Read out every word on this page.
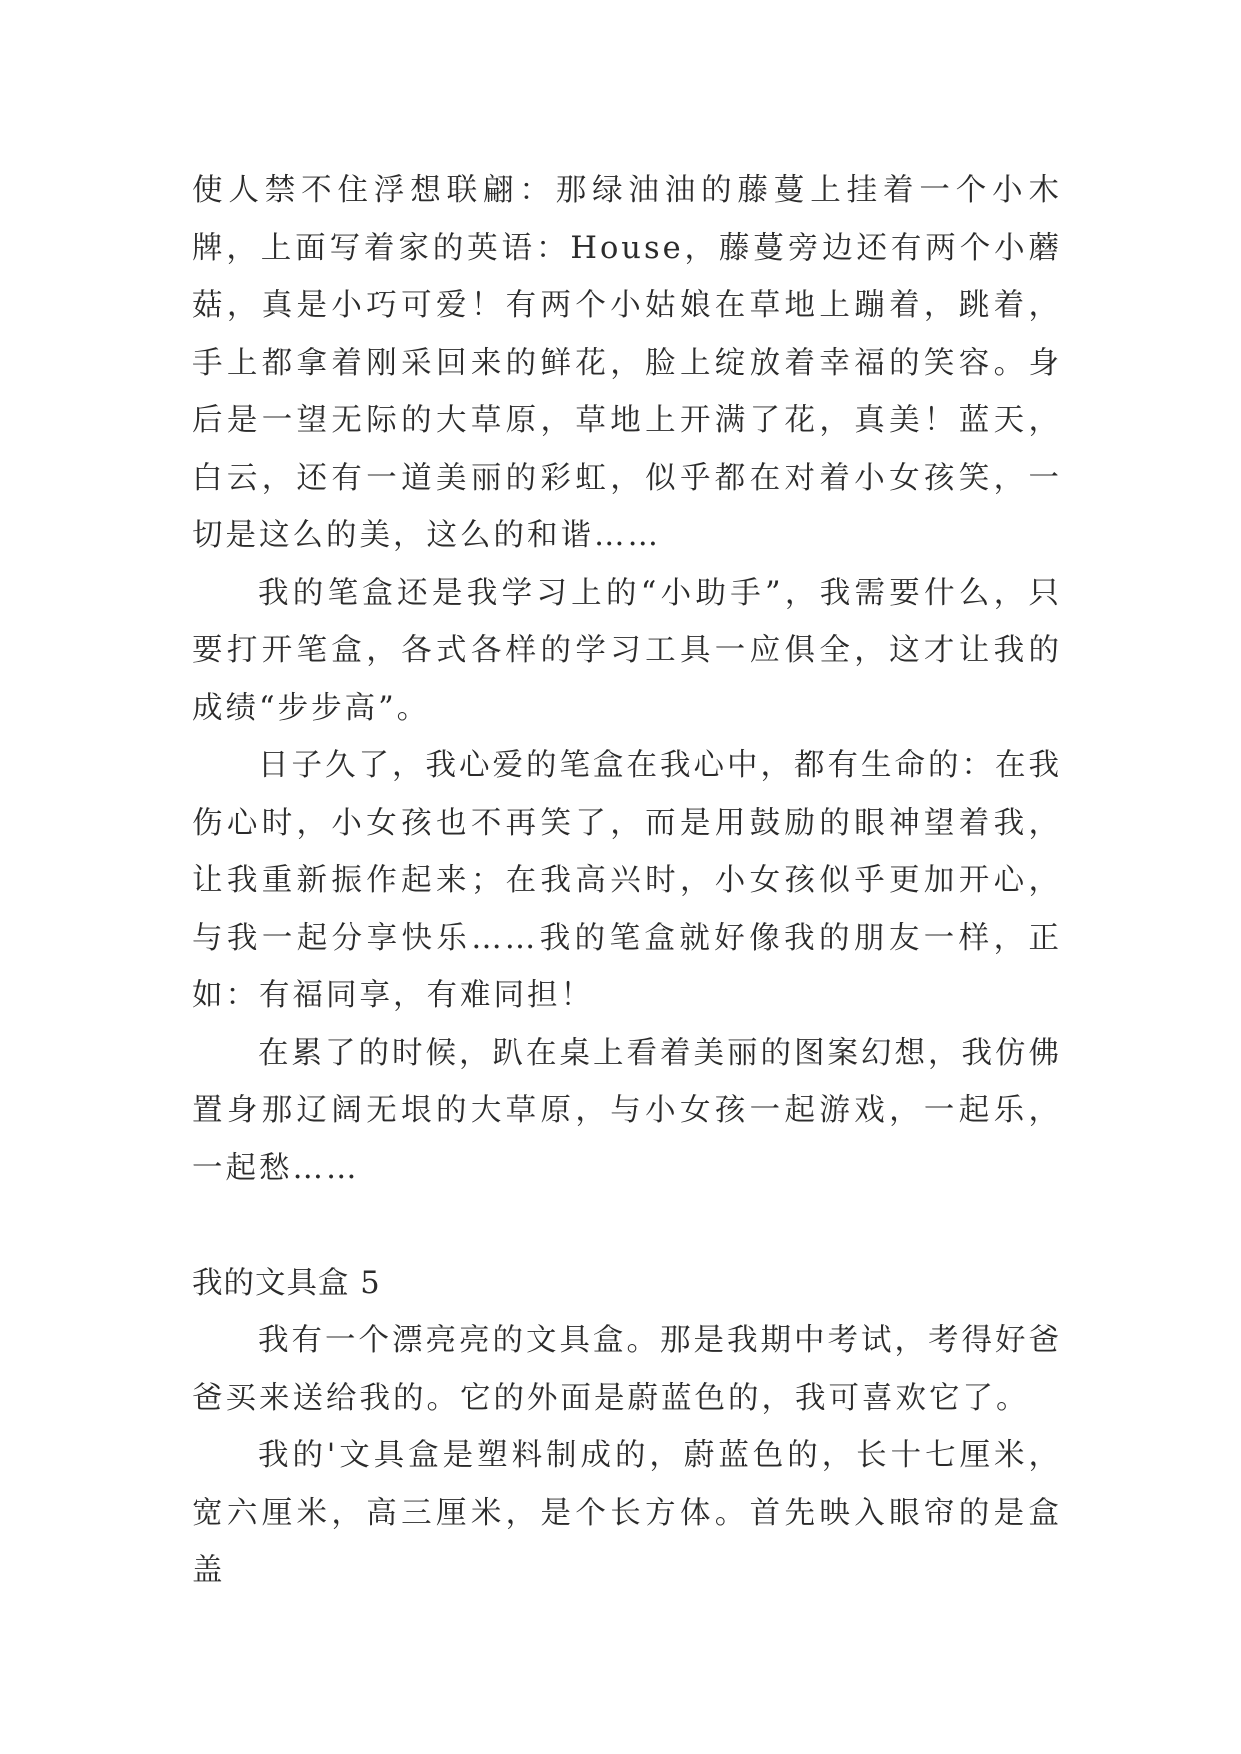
使人禁不住浮想联翩：那绿油油的藤蔓上挂着一个小木牌，上面写着家的英语：House，藤蔓旁边还有两个小蘑菇，真是小巧可爱！有两个小姑娘在草地上蹦着，跳着，手上都拿着刚采回来的鲜花，脸上绽放着幸福的笑容。身后是一望无际的大草原，草地上开满了花，真美！蓝天，白云，还有一道美丽的彩虹，似乎都在对着小女孩笑，一切是这么的美，这么的和谐……

我的笔盒还是我学习上的“小助手”，我需要什么，只要打开笔盒，各式各样的学习工具一应俱全，这才让我的成绩“步步高”。

日子久了，我心爱的笔盒在我心中，都有生命的：在我伤心时，小女孩也不再笑了，而是用鼓励的眼神望着我，让我重新振作起来；在我高兴时，小女孩似乎更加开心，与我一起分享快乐……我的笔盒就好像我的朋友一样，正如：有福同享，有难同担！

在累了的时候，趴在桌上看着美丽的图案幻想，我仿佛置身那辽阔无垠的大草原，与小女孩一起游戏，一起乐，一起愁……

我的文具盒 5

我有一个漂亮亮的文具盒。那是我期中考试，考得好爸爸买来送给我的。它的外面是蔚蓝色的，我可喜欢它了。

我的'文具盒是塑料制成的，蔚蓝色的，长十七厘米，宽六厘米，高三厘米，是个长方体。首先映入眼帘的是盒盖
